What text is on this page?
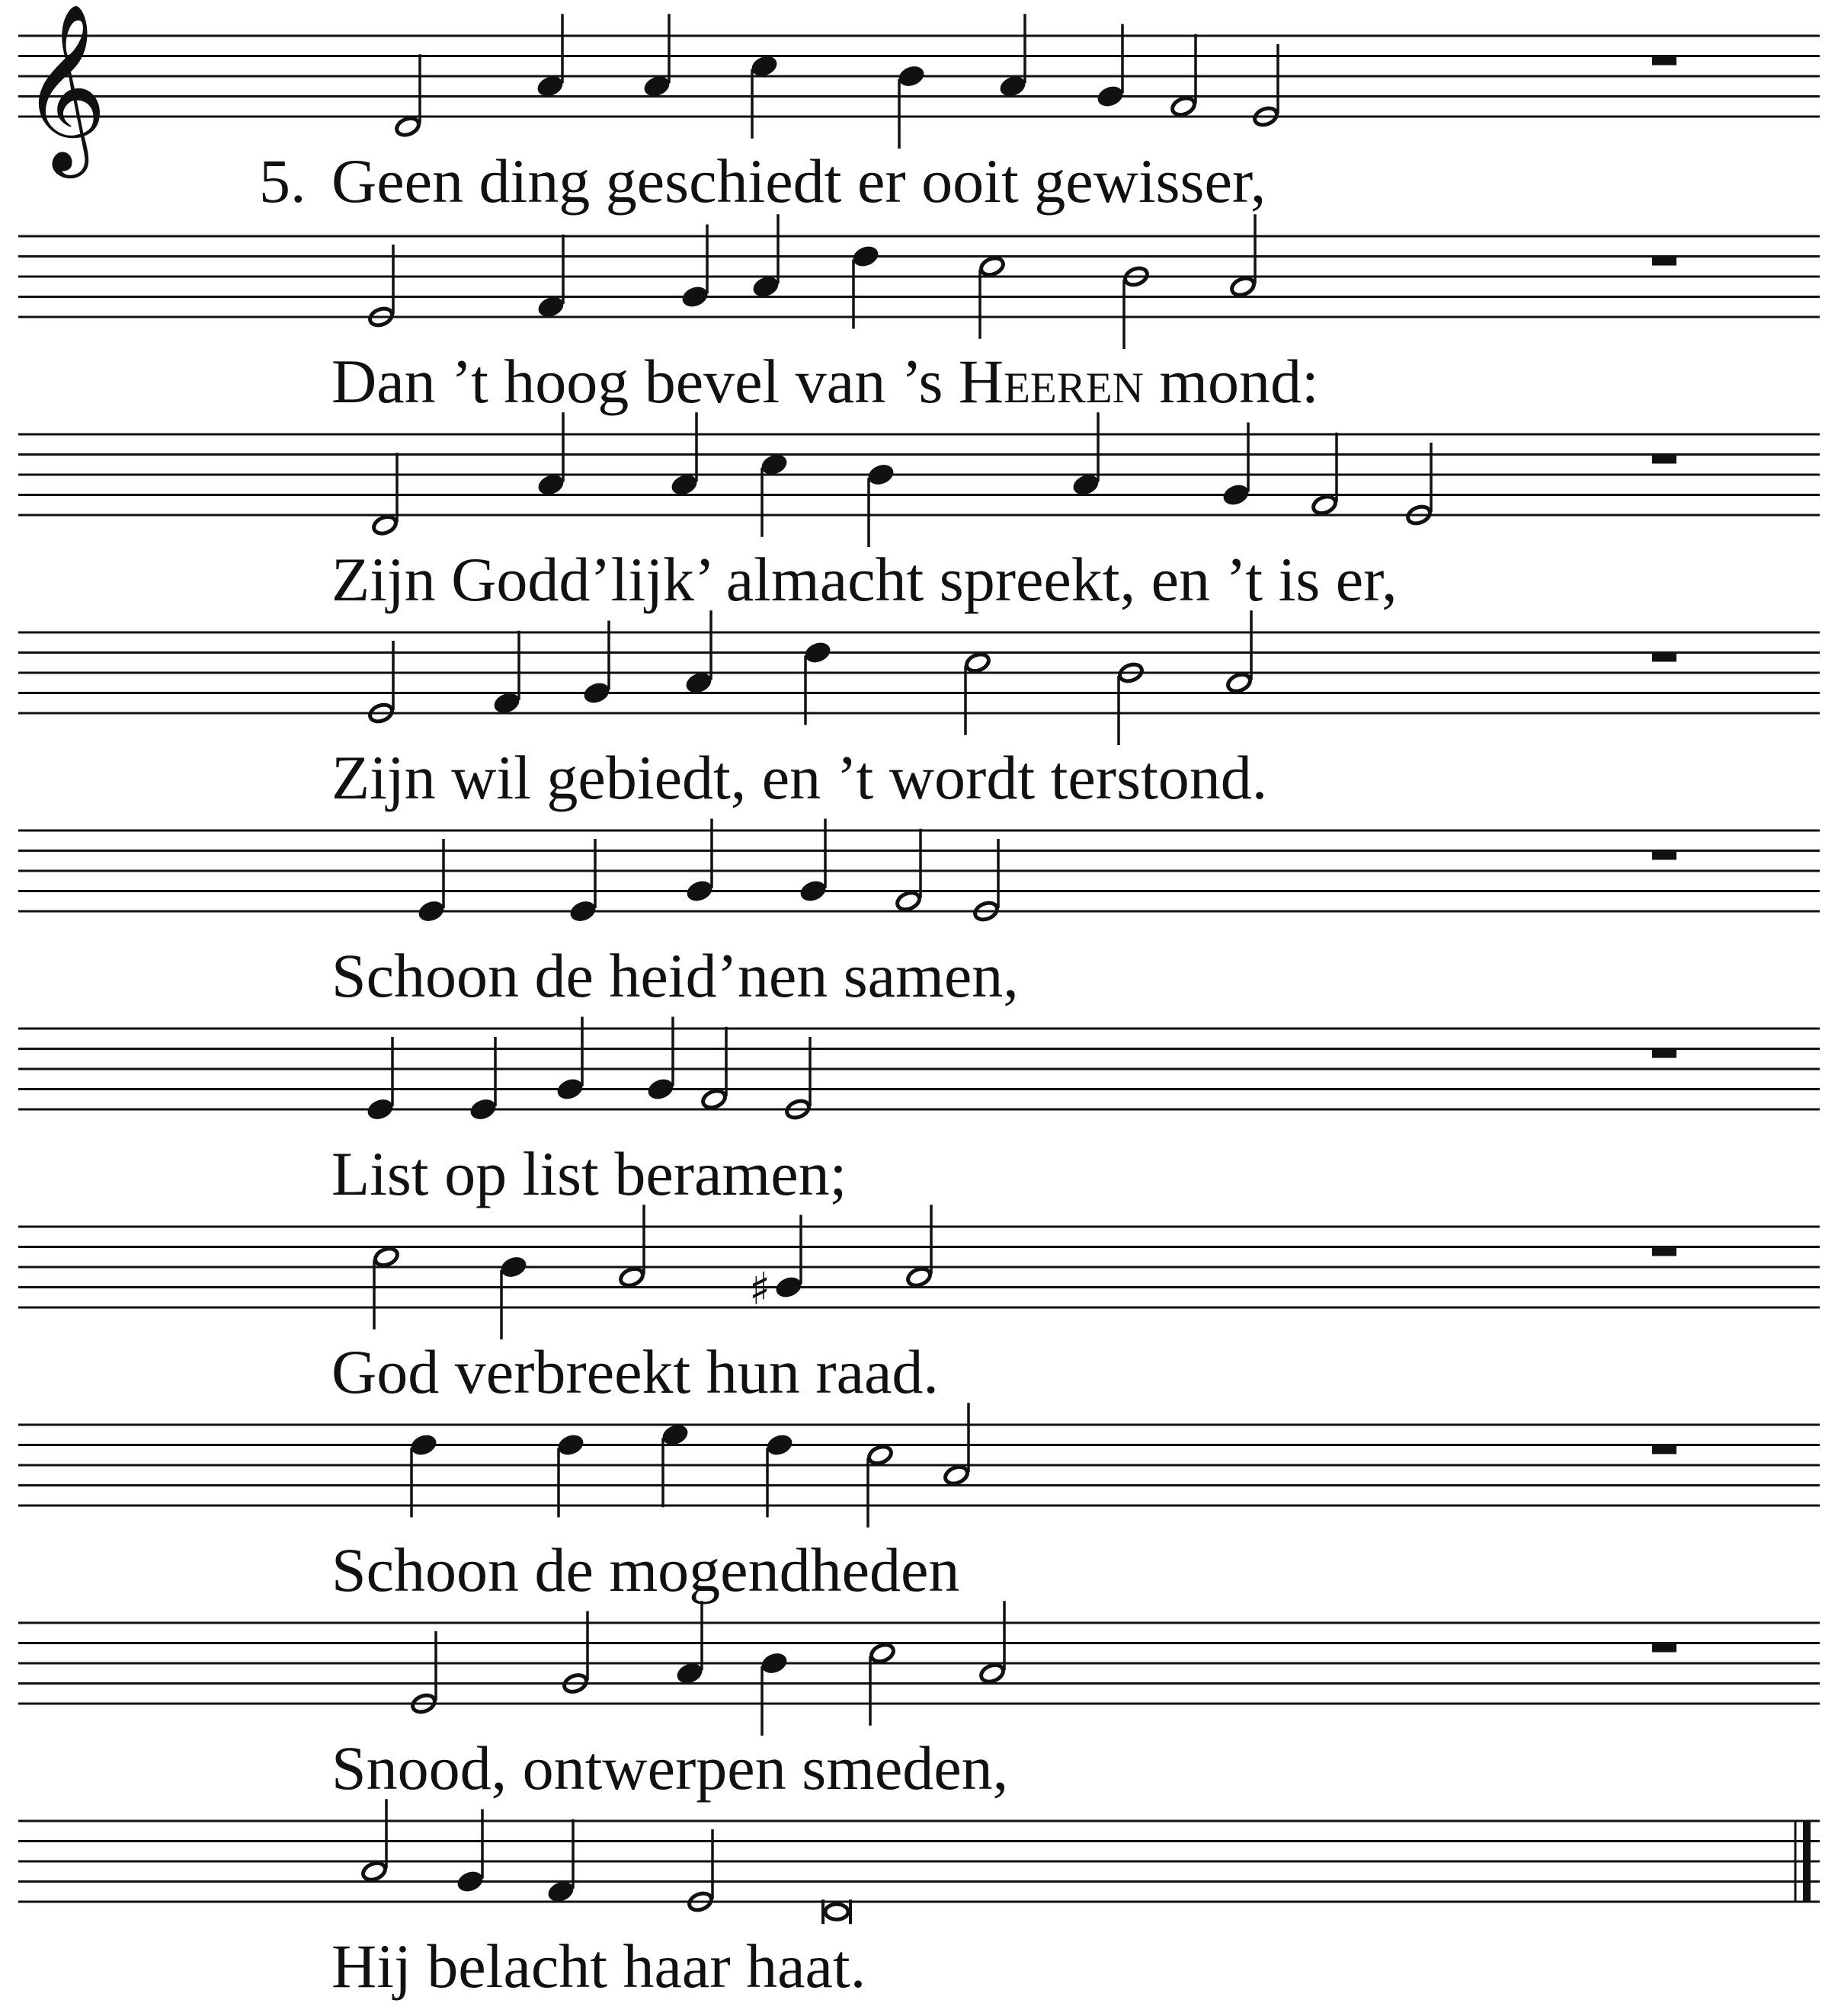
𝄞
♯
Geen ding geschiedt er ooit gewisser,
5.
Dan ’t hoog bevel van ’s Heeren mond:
Zijn Godd’lijk’ almacht spreekt, en ’t is er,
Zijn wil gebiedt, en ’t wordt terstond.
Schoon de heid’nen samen,
List op list beramen;
God verbreekt hun raad.
Schoon de mogendheden
Snood, ontwerpen smeden,
Hij belacht haar haat.
